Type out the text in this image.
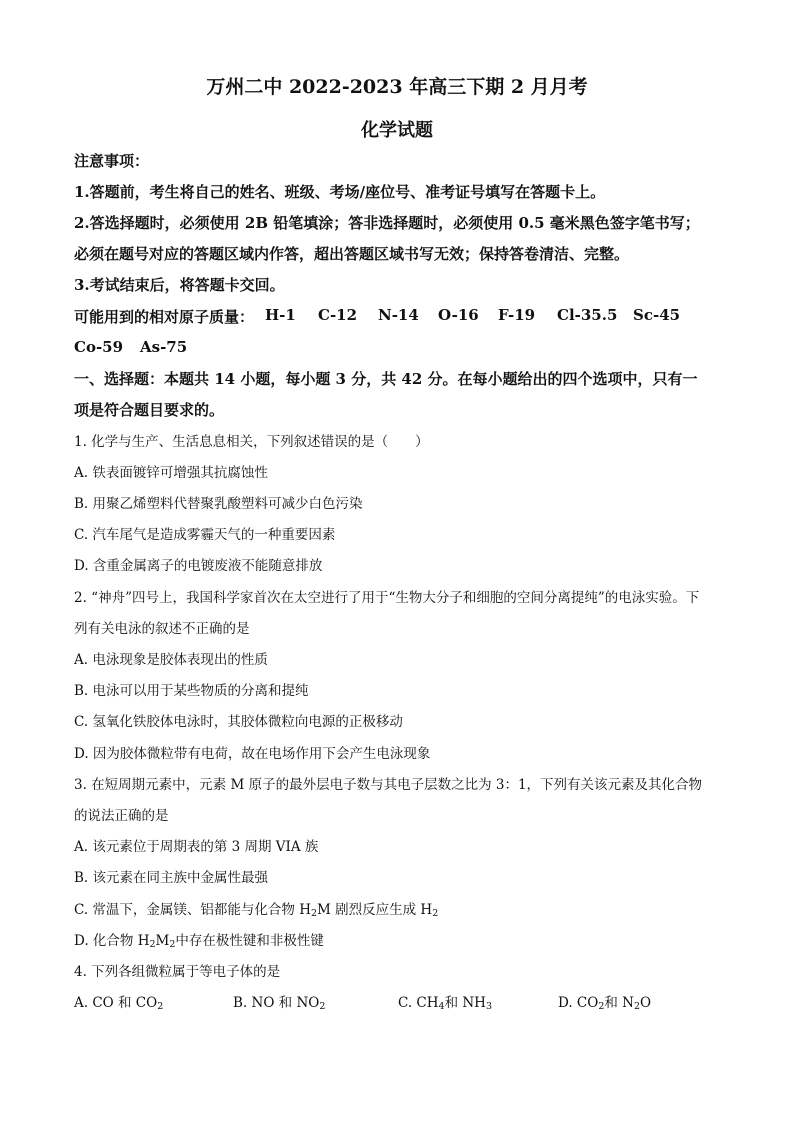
万州二中 2022-2023 年高三下期 2 月月考
化学试题
注意事项：
1.答题前，考生将自己的姓名、班级、考场/座位号、准考证号填写在答题卡上。
2.答选择题时，必须使用 2B 铅笔填涂；答非选择题时，必须使用 0.5 毫米黑色签字笔书写；
必须在题号对应的答题区域内作答，超出答题区域书写无效；保持答卷清洁、完整。
3.考试结束后，将答题卡交回。
可能用到的相对原子质量： H-1 C-12 N-14 O-16 F-19 Cl-35.5 Sc-45
Co-59 As-75
一、选择题：本题共 14 小题，每小题 3 分，共 42 分。在每小题给出的四个选项中，只有一
项是符合题目要求的。
1. 化学与生产、生活息息相关，下列叙述错误的是（　　）
A. 铁表面镀锌可增强其抗腐蚀性
B. 用聚乙烯塑料代替聚乳酸塑料可减少白色污染
C. 汽车尾气是造成雾霾天气的一种重要因素
D. 含重金属离子的电镀废液不能随意排放
2. “神舟”四号上，我国科学家首次在太空进行了用于“生物大分子和细胞的空间分离提纯”的电泳实验。下
列有关电泳的叙述不正确的是
A. 电泳现象是胶体表现出的性质
B. 电泳可以用于某些物质的分离和提纯
C. 氢氧化铁胶体电泳时，其胶体微粒向电源的正极移动
D. 因为胶体微粒带有电荷，故在电场作用下会产生电泳现象
3. 在短周期元素中，元素 M 原子的最外层电子数与其电子层数之比为 3：1，下列有关该元素及其化合物
的说法正确的是
A. 该元素位于周期表的第 3 周期 VIA 族
B. 该元素在同主族中金属性最强
C. 常温下，金属镁、铝都能与化合物 $H_2M$ 剧烈反应生成 $H_2$
D. 化合物 $H_2M_2$中存在极性键和非极性键
4. 下列各组微粒属于等电子体的是
A. CO 和 $CO_2$	B. NO 和 $NO_2$	C. $CH_4$和 $NH_3$	D. $CO_2$和 $N_2O$
